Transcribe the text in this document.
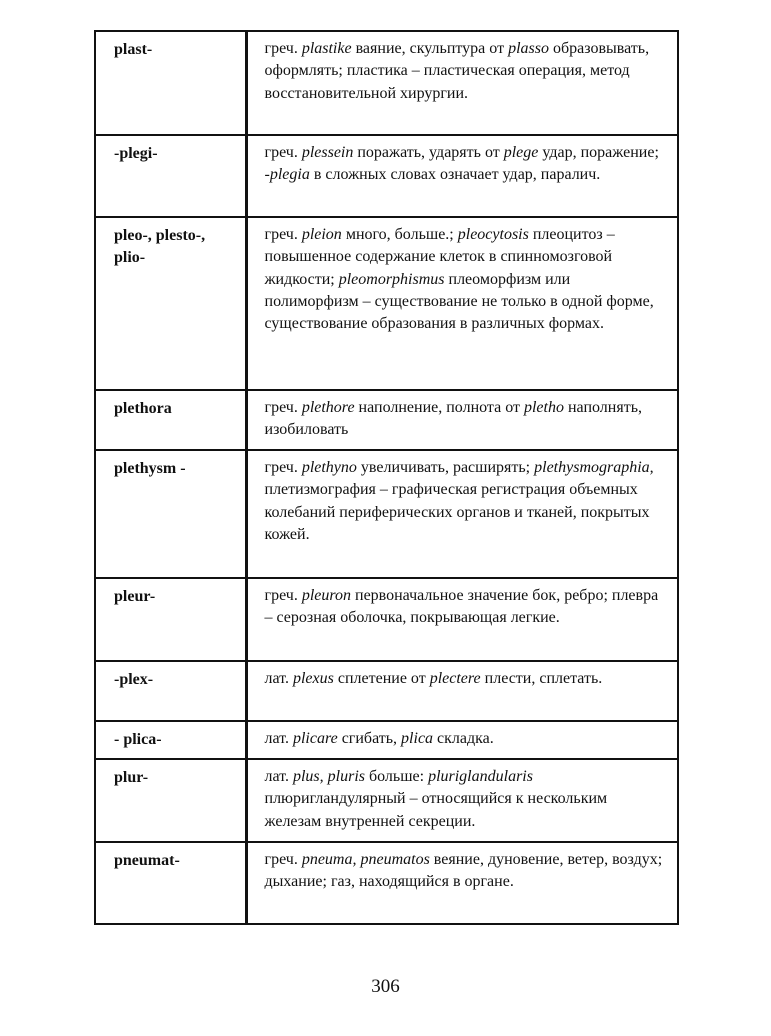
plast-	греч. plastike ваяние, скульптура от plasso образовывать, оформлять; пластика – пластическая операция, метод восстановительной хирургии.

-plegi-	греч. plessein поражать, ударять от plege удар, поражение; -plegia в сложных словах означает удар, паралич.

pleo-, plesto-,
plio-	греч. pleion много, больше.; pleocytosis плеоцитоз – повышенное содержание клеток в спинномозговой жидкости; pleomorphismus плеоморфизм или полиморфизм – существование не только в одной форме, существование образования в различных формах.

plethora	греч. plethore наполнение, полнота от pletho наполнять, изобиловать

plethysm -	греч. plethyno увеличивать, расширять; plethysmographia, плетизмография – графическая регистрация объемных колебаний периферических органов и тканей, покрытых кожей.

pleur-	греч. pleuron первоначальное значение бок, ребро; плевра – серозная оболочка, покрывающая легкие.

-plex-	лат. plexus сплетение от plectere плести, сплетать.

- plica-	лат. plicare сгибать, plica складка.

plur-	лат. plus, pluris больше: pluriglandularis плюригландулярный – относящийся к нескольким железам внутренней секреции.

pneumat-	греч. pneuma, pneumatos веяние, дуновение, ветер, воздух; дыхание; газ, находящийся в органе.
306
